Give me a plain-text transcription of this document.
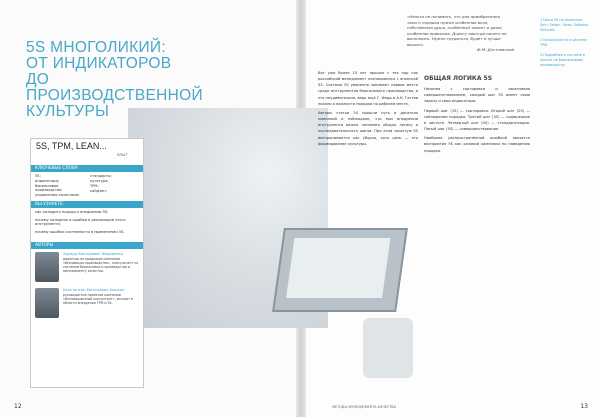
5S МНОГОЛИКИЙ:
ОТ ИНДИКАТОРОВ
ДО ПРОИЗВОДСТВЕННОЙ
КУЛЬТУРЫ
5S, TPM, LEAN...
опыт
КЛЮЧЕВЫЕ СЛОВА
5S;
индикаторы;
бережливое производство;
управление качеством;
стандарты;
культура;
TPM;
кайдзен;
ВЫ УЗНАЕТЕ:
как наладить подход к внедрению 5S;
почему холодное и ошибки в реализации этого инструмента;
почему ошибки системности в применении 5S.
АВТОРЫ
Эдуард Викторович Федоренко
директор по продажам компании «Инновации-производство», консультант по системам бережливого производства и менеджменту качества.
Константин Евгеньевич Кашкин
руководитель проектов компании «Инновационный консалтинг», эксперт в области внедрения TPM и 5S.
12
«Нельзя не понимать, что для приобретения такого порядка нужна особенная воля, собственная душа, особенный талант и даже, особенная привычка. Дорогу никогда ничего не выполнить. Нужно трудиться, будет и лучше вышло».
Ф.М. Достоевский

Вот уже более 15 лет прошло с тех пор как российский менеджмент познакомился с японской 5S. Система 5S уверенно занимает первое место среди инструментов бережливого производства, и это неудивительно, ведь ещё Г. Форд и А.К. Гастев писали о важности порядка на рабочем месте.

Авторы статьи 5S прошли путь в десятках компаний и наблюдали, что при внедрении инструмента важно понимать общую логику и последовательность шагов. При этом зачастую 5S воспринимается как уборка, хотя цель — это формирование культуры.

ОБЩАЯ ЛОГИКА 5S

Начиная с сортировки и заканчивая совершенствованием, каждый шаг 5S имеет свою задачу и свои индикаторы.

Первый шаг (1S) — сортировка. Второй шаг (2S) — соблюдение порядка. Третий шаг (3S) — содержание в чистоте. Четвертый шаг (4S) — стандартизация. Пятый шаг (5S) — совершенствование.

Наиболее распространённой ошибкой является восприятие 5S как разовой кампании по наведению порядка.

1 Шаги 5S на японском: Seiri, Seiton, Seiso, Seiketsu, Shitsuke.
2 Используется в системе TPM.
3 Подробнее о системе в книгах по бережливому производству.
МЕТОДЫ МЕНЕДЖМЕНТА КАЧЕСТВА	13
